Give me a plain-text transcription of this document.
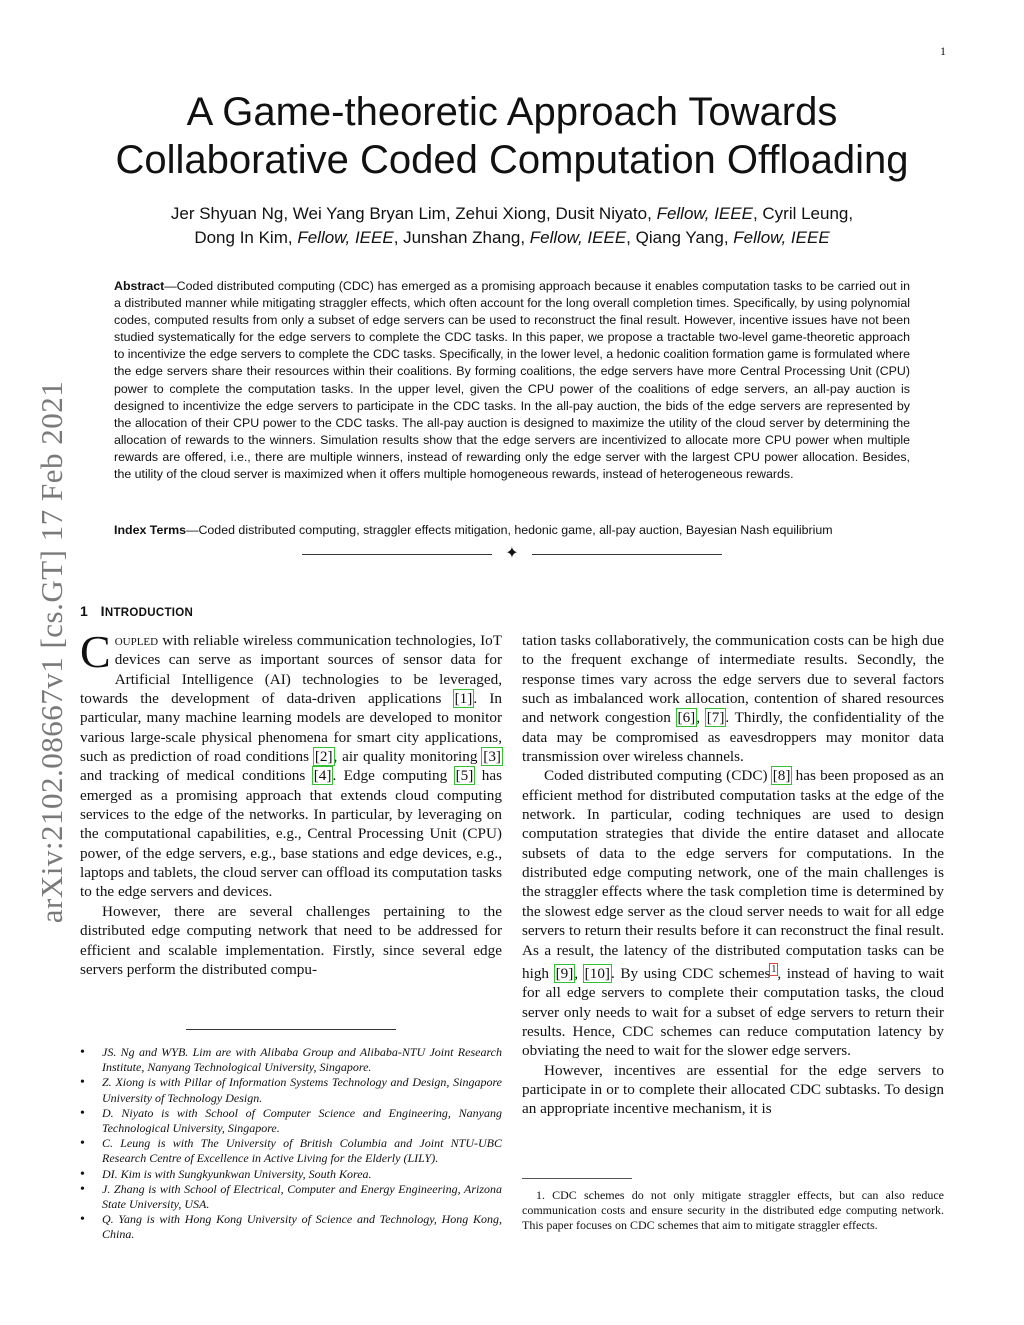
1
arXiv:2102.08667v1 [cs.GT] 17 Feb 2021
A Game-theoretic Approach Towards
Collaborative Coded Computation Offloading
Jer Shyuan Ng, Wei Yang Bryan Lim, Zehui Xiong, Dusit Niyato, Fellow, IEEE, Cyril Leung,
Dong In Kim, Fellow, IEEE, Junshan Zhang, Fellow, IEEE, Qiang Yang, Fellow, IEEE
Abstract—Coded distributed computing (CDC) has emerged as a promising approach because it enables computation tasks to be carried out in a distributed manner while mitigating straggler effects, which often account for the long overall completion times. Specifically, by using polynomial codes, computed results from only a subset of edge servers can be used to reconstruct the final result. However, incentive issues have not been studied systematically for the edge servers to complete the CDC tasks. In this paper, we propose a tractable two-level game-theoretic approach to incentivize the edge servers to complete the CDC tasks. Specifically, in the lower level, a hedonic coalition formation game is formulated where the edge servers share their resources within their coalitions. By forming coalitions, the edge servers have more Central Processing Unit (CPU) power to complete the computation tasks. In the upper level, given the CPU power of the coalitions of edge servers, an all-pay auction is designed to incentivize the edge servers to participate in the CDC tasks. In the all-pay auction, the bids of the edge servers are represented by the allocation of their CPU power to the CDC tasks. The all-pay auction is designed to maximize the utility of the cloud server by determining the allocation of rewards to the winners. Simulation results show that the edge servers are incentivized to allocate more CPU power when multiple rewards are offered, i.e., there are multiple winners, instead of rewarding only the edge server with the largest CPU power allocation. Besides, the utility of the cloud server is maximized when it offers multiple homogeneous rewards, instead of heterogeneous rewards.
Index Terms—Coded distributed computing, straggler effects mitigation, hedonic game, all-pay auction, Bayesian Nash equilibrium
✦
1 INTRODUCTION

Coupled with reliable wireless communication technologies, IoT devices can serve as important sources of sensor data for Artificial Intelligence (AI) technologies to be leveraged, towards the development of data-driven applications [1]. In particular, many machine learning models are developed to monitor various large-scale physical phenomena for smart city applications, such as prediction of road conditions [2], air quality monitoring [3] and tracking of medical conditions [4]. Edge computing [5] has emerged as a promising approach that extends cloud computing services to the edge of the networks. In particular, by leveraging on the computational capabilities, e.g., Central Processing Unit (CPU) power, of the edge servers, e.g., base stations and edge devices, e.g., laptops and tablets, the cloud server can offload its computation tasks to the edge servers and devices.

However, there are several challenges pertaining to the distributed edge computing network that need to be addressed for efficient and scalable implementation. Firstly, since several edge servers perform the distributed compu-

• JS. Ng and WYB. Lim are with Alibaba Group and Alibaba-NTU Joint Research Institute, Nanyang Technological University, Singapore.
• Z. Xiong is with Pillar of Information Systems Technology and Design, Singapore University of Technology Design.
• D. Niyato is with School of Computer Science and Engineering, Nanyang Technological University, Singapore.
• C. Leung is with The University of British Columbia and Joint NTU-UBC Research Centre of Excellence in Active Living for the Elderly (LILY).
• DI. Kim is with Sungkyunkwan University, South Korea.
• J. Zhang is with School of Electrical, Computer and Energy Engineering, Arizona State University, USA.
• Q. Yang is with Hong Kong University of Science and Technology, Hong Kong, China.

tation tasks collaboratively, the communication costs can be high due to the frequent exchange of intermediate results. Secondly, the response times vary across the edge servers due to several factors such as imbalanced work allocation, contention of shared resources and network congestion [6], [7]. Thirdly, the confidentiality of the data may be compromised as eavesdroppers may monitor data transmission over wireless channels.

Coded distributed computing (CDC) [8] has been proposed as an efficient method for distributed computation tasks at the edge of the network. In particular, coding techniques are used to design computation strategies that divide the entire dataset and allocate subsets of data to the edge servers for computations. In the distributed edge computing network, one of the main challenges is the straggler effects where the task completion time is determined by the slowest edge server as the cloud server needs to wait for all edge servers to return their results before it can reconstruct the final result. As a result, the latency of the distributed computation tasks can be high [9], [10]. By using CDC schemes$^1$, instead of having to wait for all edge servers to complete their computation tasks, the cloud server only needs to wait for a subset of edge servers to return their results. Hence, CDC schemes can reduce computation latency by obviating the need to wait for the slower edge servers.

However, incentives are essential for the edge servers to participate in or to complete their allocated CDC subtasks. To design an appropriate incentive mechanism, it is

1. CDC schemes do not only mitigate straggler effects, but can also reduce communication costs and ensure security in the distributed edge computing network. This paper focuses on CDC schemes that aim to mitigate straggler effects.
